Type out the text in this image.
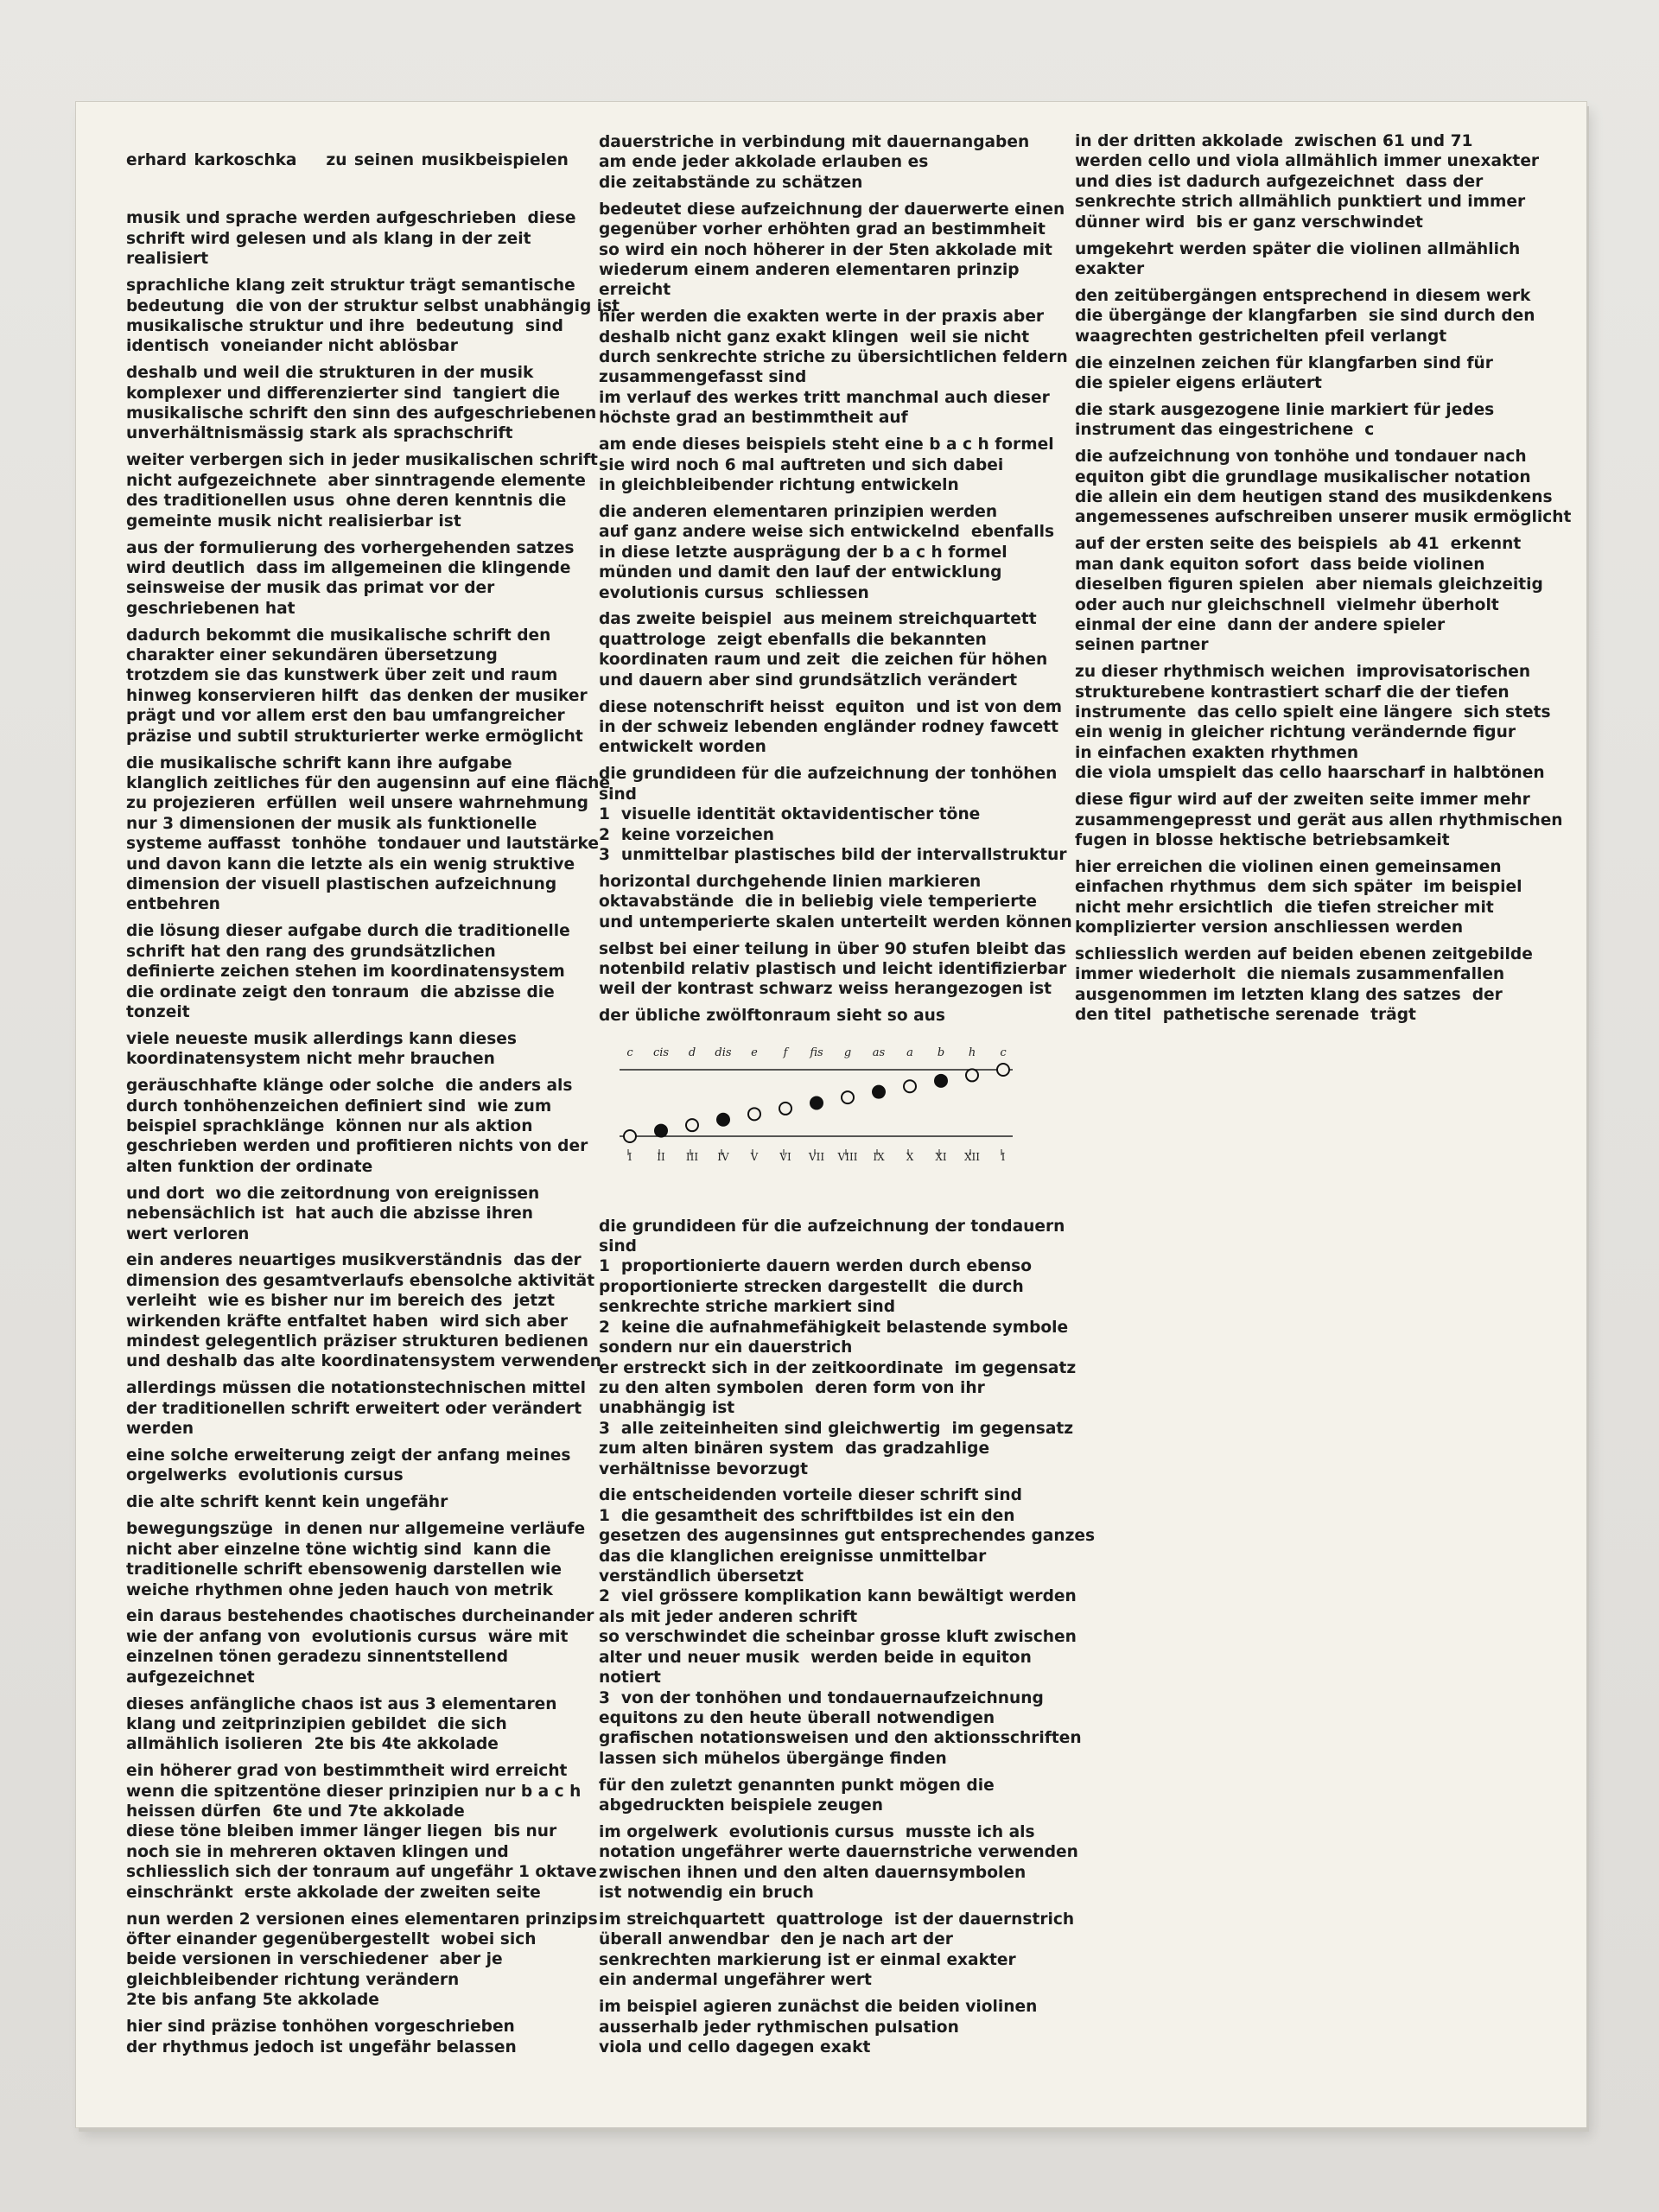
erhard karkoschka zu seinen musikbeispielen

musik und sprache werden aufgeschrieben  diese
schrift wird gelesen und als klang in der zeit
realisiert

sprachliche klang zeit struktur trägt semantische
bedeutung  die von der struktur selbst unabhängig ist
musikalische struktur und ihre  bedeutung  sind
identisch  voneiander nicht ablösbar

deshalb und weil die strukturen in der musik
komplexer und differenzierter sind  tangiert die
musikalische schrift den sinn des aufgeschriebenen
unverhältnismässig stark als sprachschrift

weiter verbergen sich in jeder musikalischen schrift
nicht aufgezeichnete  aber sinntragende elemente
des traditionellen usus  ohne deren kenntnis die
gemeinte musik nicht realisierbar ist

aus der formulierung des vorhergehenden satzes
wird deutlich  dass im allgemeinen die klingende
seinsweise der musik das primat vor der
geschriebenen hat

dadurch bekommt die musikalische schrift den
charakter einer sekundären übersetzung
trotzdem sie das kunstwerk über zeit und raum
hinweg konservieren hilft  das denken der musiker
prägt und vor allem erst den bau umfangreicher
präzise und subtil strukturierter werke ermöglicht

die musikalische schrift kann ihre aufgabe
klanglich zeitliches für den augensinn auf eine fläche
zu projezieren  erfüllen  weil unsere wahrnehmung
nur 3 dimensionen der musik als funktionelle
systeme auffasst  tonhöhe  tondauer und lautstärke
und davon kann die letzte als ein wenig struktive
dimension der visuell plastischen aufzeichnung
entbehren

die lösung dieser aufgabe durch die traditionelle
schrift hat den rang des grundsätzlichen
definierte zeichen stehen im koordinatensystem
die ordinate zeigt den tonraum  die abzisse die
tonzeit

viele neueste musik allerdings kann dieses
koordinatensystem nicht mehr brauchen

geräuschhafte klänge oder solche  die anders als
durch tonhöhenzeichen definiert sind  wie zum
beispiel sprachklänge  können nur als aktion
geschrieben werden und profitieren nichts von der
alten funktion der ordinate

und dort  wo die zeitordnung von ereignissen
nebensächlich ist  hat auch die abzisse ihren
wert verloren

ein anderes neuartiges musikverständnis  das der
dimension des gesamtverlaufs ebensolche aktivität
verleiht  wie es bisher nur im bereich des  jetzt
wirkenden kräfte entfaltet haben  wird sich aber
mindest gelegentlich präziser strukturen bedienen
und deshalb das alte koordinatensystem verwenden

allerdings müssen die notationstechnischen mittel
der traditionellen schrift erweitert oder verändert
werden

eine solche erweiterung zeigt der anfang meines
orgelwerks  evolutionis cursus

die alte schrift kennt kein ungefähr

bewegungszüge  in denen nur allgemeine verläufe
nicht aber einzelne töne wichtig sind  kann die
traditionelle schrift ebensowenig darstellen wie
weiche rhythmen ohne jeden hauch von metrik

ein daraus bestehendes chaotisches durcheinander
wie der anfang von  evolutionis cursus  wäre mit
einzelnen tönen geradezu sinnentstellend
aufgezeichnet

dieses anfängliche chaos ist aus 3 elementaren
klang und zeitprinzipien gebildet  die sich
allmählich isolieren  2te bis 4te akkolade

ein höherer grad von bestimmtheit wird erreicht
wenn die spitzentöne dieser prinzipien nur b a c h
heissen dürfen  6te und 7te akkolade
diese töne bleiben immer länger liegen  bis nur
noch sie in mehreren oktaven klingen und
schliesslich sich der tonraum auf ungefähr 1 oktave
einschränkt  erste akkolade der zweiten seite

nun werden 2 versionen eines elementaren prinzips
öfter einander gegenübergestellt  wobei sich
beide versionen in verschiedener  aber je
gleichbleibender richtung verändern
2te bis anfang 5te akkolade

hier sind präzise tonhöhen vorgeschrieben
der rhythmus jedoch ist ungefähr belassen

dauerstriche in verbindung mit dauernangaben
am ende jeder akkolade erlauben es
die zeitabstände zu schätzen

bedeutet diese aufzeichnung der dauerwerte einen
gegenüber vorher erhöhten grad an bestimmheit
so wird ein noch höherer in der 5ten akkolade mit
wiederum einem anderen elementaren prinzip
erreicht

hier werden die exakten werte in der praxis aber
deshalb nicht ganz exakt klingen  weil sie nicht
durch senkrechte striche zu übersichtlichen feldern
zusammengefasst sind
im verlauf des werkes tritt manchmal auch dieser
höchste grad an bestimmtheit auf

am ende dieses beispiels steht eine b a c h formel
sie wird noch 6 mal auftreten und sich dabei
in gleichbleibender richtung entwickeln

die anderen elementaren prinzipien werden
auf ganz andere weise sich entwickelnd  ebenfalls
in diese letzte ausprägung der b a c h formel
münden und damit den lauf der entwicklung
evolutionis cursus  schliessen

das zweite beispiel  aus meinem streichquartett
quattrologe  zeigt ebenfalls die bekannten
koordinaten raum und zeit  die zeichen für höhen
und dauern aber sind grundsätzlich verändert

diese notenschrift heisst  equiton  und ist von dem
in der schweiz lebenden engländer rodney fawcett
entwickelt worden

die grundideen für die aufzeichnung der tonhöhen
sind
1  visuelle identität oktavidentischer töne
2  keine vorzeichen
3  unmittelbar plastisches bild der intervallstruktur

horizontal durchgehende linien markieren
oktavabstände  die in beliebig viele temperierte
und untemperierte skalen unterteilt werden können

selbst bei einer teilung in über 90 stufen bleibt das
notenbild relativ plastisch und leicht identifizierbar
weil der kontrast schwarz weiss herangezogen ist

der übliche zwölftonraum sieht so aus

c
I
cis
II
d
III
dis
IV
e
V
f
VI
fis
VII
g
VIII
as
IX
a
X
b
XI
h
XII
c
I

die grundideen für die aufzeichnung der tondauern
sind
1  proportionierte dauern werden durch ebenso
proportionierte strecken dargestellt  die durch
senkrechte striche markiert sind
2  keine die aufnahmefähigkeit belastende symbole
sondern nur ein dauerstrich
er erstreckt sich in der zeitkoordinate  im gegensatz
zu den alten symbolen  deren form von ihr
unabhängig ist
3  alle zeiteinheiten sind gleichwertig  im gegensatz
zum alten binären system  das gradzahlige
verhältnisse bevorzugt

die entscheidenden vorteile dieser schrift sind
1  die gesamtheit des schriftbildes ist ein den
gesetzen des augensinnes gut entsprechendes ganzes
das die klanglichen ereignisse unmittelbar
verständlich übersetzt
2  viel grössere komplikation kann bewältigt werden
als mit jeder anderen schrift
so verschwindet die scheinbar grosse kluft zwischen
alter und neuer musik  werden beide in equiton
notiert
3  von der tonhöhen und tondauernaufzeichnung
equitons zu den heute überall notwendigen
grafischen notationsweisen und den aktionsschriften
lassen sich mühelos übergänge finden

für den zuletzt genannten punkt mögen die
abgedruckten beispiele zeugen

im orgelwerk  evolutionis cursus  musste ich als
notation ungefährer werte dauernstriche verwenden
zwischen ihnen und den alten dauernsymbolen
ist notwendig ein bruch

im streichquartett  quattrologe  ist der dauernstrich
überall anwendbar  den je nach art der
senkrechten markierung ist er einmal exakter
ein andermal ungefährer wert

im beispiel agieren zunächst die beiden violinen
ausserhalb jeder rythmischen pulsation
viola und cello dagegen exakt

in der dritten akkolade  zwischen 61 und 71
werden cello und viola allmählich immer unexakter
und dies ist dadurch aufgezeichnet  dass der
senkrechte strich allmählich punktiert und immer
dünner wird  bis er ganz verschwindet

umgekehrt werden später die violinen allmählich
exakter

den zeitübergängen entsprechend in diesem werk
die übergänge der klangfarben  sie sind durch den
waagrechten gestrichelten pfeil verlangt

die einzelnen zeichen für klangfarben sind für
die spieler eigens erläutert

die stark ausgezogene linie markiert für jedes
instrument das eingestrichene  c

die aufzeichnung von tonhöhe und tondauer nach
equiton gibt die grundlage musikalischer notation
die allein ein dem heutigen stand des musikdenkens
angemessenes aufschreiben unserer musik ermöglicht

auf der ersten seite des beispiels  ab 41  erkennt
man dank equiton sofort  dass beide violinen
dieselben figuren spielen  aber niemals gleichzeitig
oder auch nur gleichschnell  vielmehr überholt
einmal der eine  dann der andere spieler
seinen partner

zu dieser rhythmisch weichen  improvisatorischen
strukturebene kontrastiert scharf die der tiefen
instrumente  das cello spielt eine längere  sich stets
ein wenig in gleicher richtung verändernde figur
in einfachen exakten rhythmen
die viola umspielt das cello haarscharf in halbtönen

diese figur wird auf der zweiten seite immer mehr
zusammengepresst und gerät aus allen rhythmischen
fugen in blosse hektische betriebsamkeit

hier erreichen die violinen einen gemeinsamen
einfachen rhythmus  dem sich später  im beispiel
nicht mehr ersichtlich  die tiefen streicher mit
komplizierter version anschliessen werden

schliesslich werden auf beiden ebenen zeitgebilde
immer wiederholt  die niemals zusammenfallen
ausgenommen im letzten klang des satzes  der
den titel  pathetische serenade  trägt
